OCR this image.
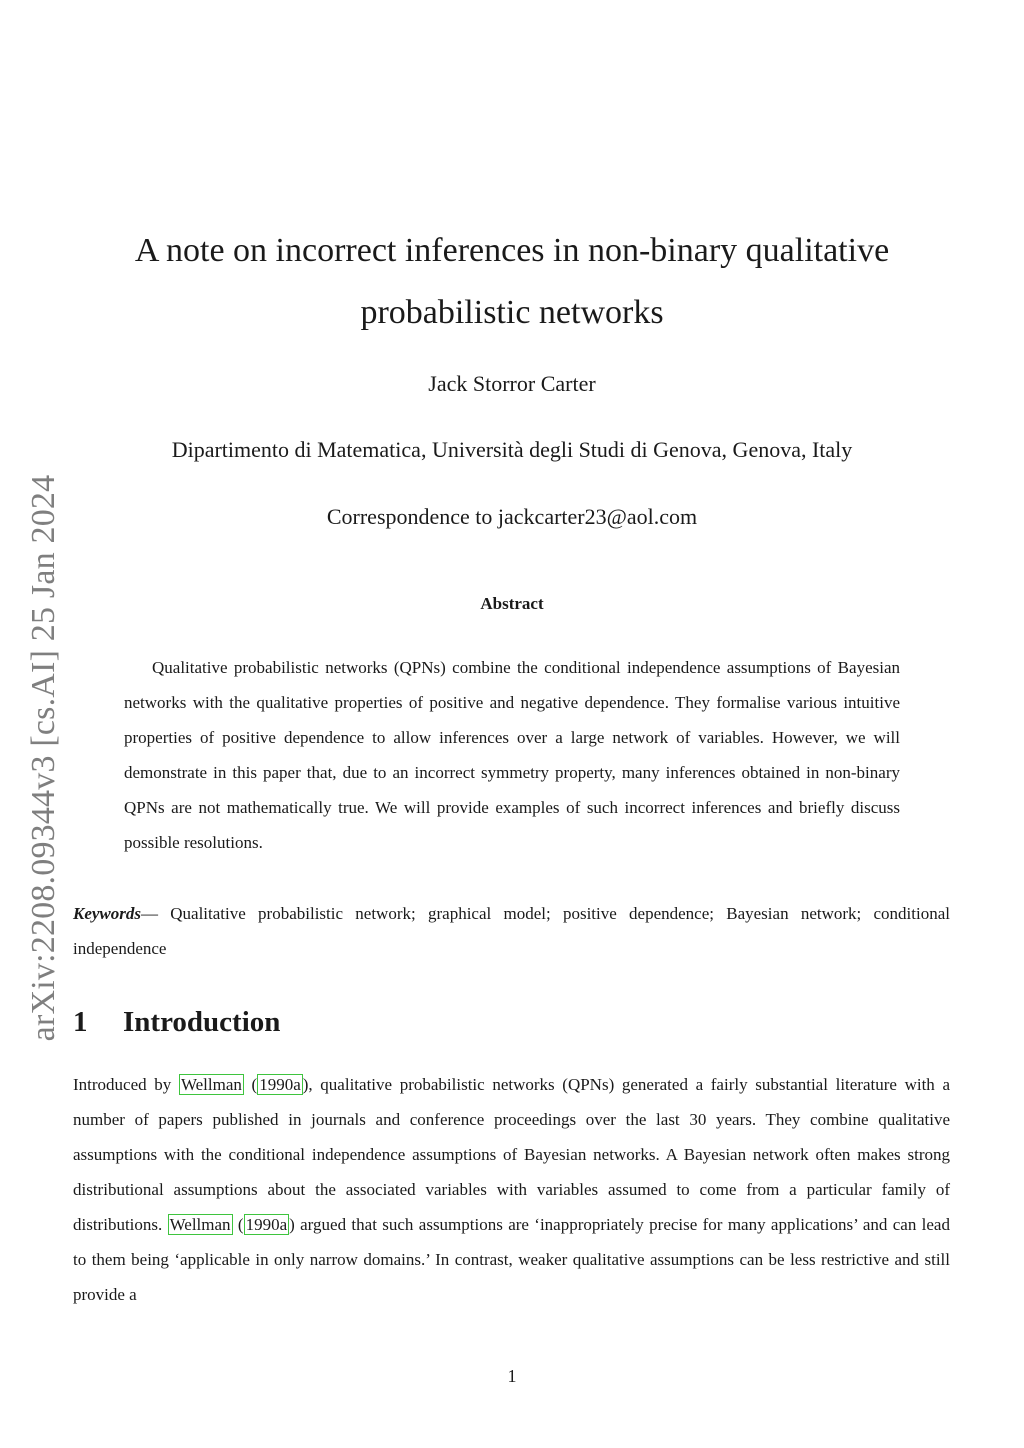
arXiv:2208.09344v3 [cs.AI] 25 Jan 2024
A note on incorrect inferences in non-binary qualitative probabilistic networks

Jack Storror Carter

Dipartimento di Matematica, Università degli Studi di Genova, Genova, Italy

Correspondence to jackcarter23@aol.com

Abstract

Qualitative probabilistic networks (QPNs) combine the conditional independence assumptions of Bayesian networks with the qualitative properties of positive and negative dependence. They formalise various intuitive properties of positive dependence to allow inferences over a large network of variables. However, we will demonstrate in this paper that, due to an incorrect symmetry property, many inferences obtained in non-binary QPNs are not mathematically true. We will provide examples of such incorrect inferences and briefly discuss possible resolutions.

Keywords— Qualitative probabilistic network; graphical model; positive dependence; Bayesian network; conditional independence

1 Introduction

Introduced by Wellman ( 1990a ), qualitative probabilistic networks (QPNs) generated a fairly substantial literature with a number of papers published in journals and conference proceedings over the last 30 years. They combine qualitative assumptions with the conditional independence assumptions of Bayesian networks. A Bayesian network often makes strong distributional assumptions about the associated variables with variables assumed to come from a particular family of distributions. Wellman ( 1990a ) argued that such assumptions are ‘inappropriately precise for many applications’ and can lead to them being ‘applicable in only narrow domains.’ In contrast, weaker qualitative assumptions can be less restrictive and still provide a

1
